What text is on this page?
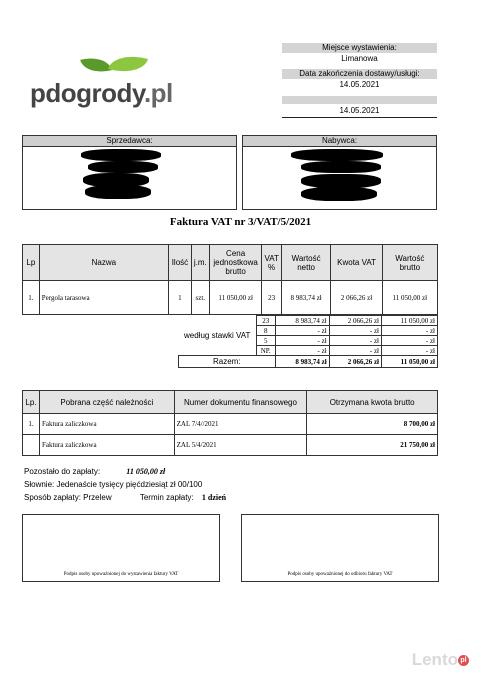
pdogrody.pl
Miejsce wystawienia:
Limanowa
Data zakończenia dostawy/usługi:
14.05.2021
14.05.2021
Sprzedawca:	Nabywca:
Faktura VAT nr 3/VAT/5/2021
Lp	Nazwa	Ilość	j.m.	Cena jednostkowa brutto	VAT %	Wartość netto	Kwota VAT	Wartość brutto
1.	Pergola tarasowa	1	szt.	11 050,00 zł	23	8 983,74 zł	2 066,26 zł	11 050,00 zł
według stawki VAT	23	8 983,74 zł	2 066,26 zł	11 050,00 zł
	8	- zł	- zł	- zł
	5	- zł	- zł	- zł
	NP.	- zł	- zł	- zł
Razem:		8 983,74 zł	2 066,26 zł	11 050,00 zł
Lp.	Pobrana część należności	Numer dokumentu finansowego	Otrzymana kwota brutto
1.	Faktura zaliczkowa	ZAL 7/4//2021	8 700,00 zł
	Faktura zaliczkowa	ZAL 5/4/2021	21 750,00 zł
Pozostało do zapłaty:	11 050,00 zł
Słownie: Jedenaście tysięcy pięćdziesiąt zł 00/100
Sposób zapłaty: Przelew	Termin zapłaty: 1 dzień
Podpis osoby upoważnionej do wystawienia faktury VAT	Podpis osoby upoważnionej do odbioru faktury VAT
Lento pl
